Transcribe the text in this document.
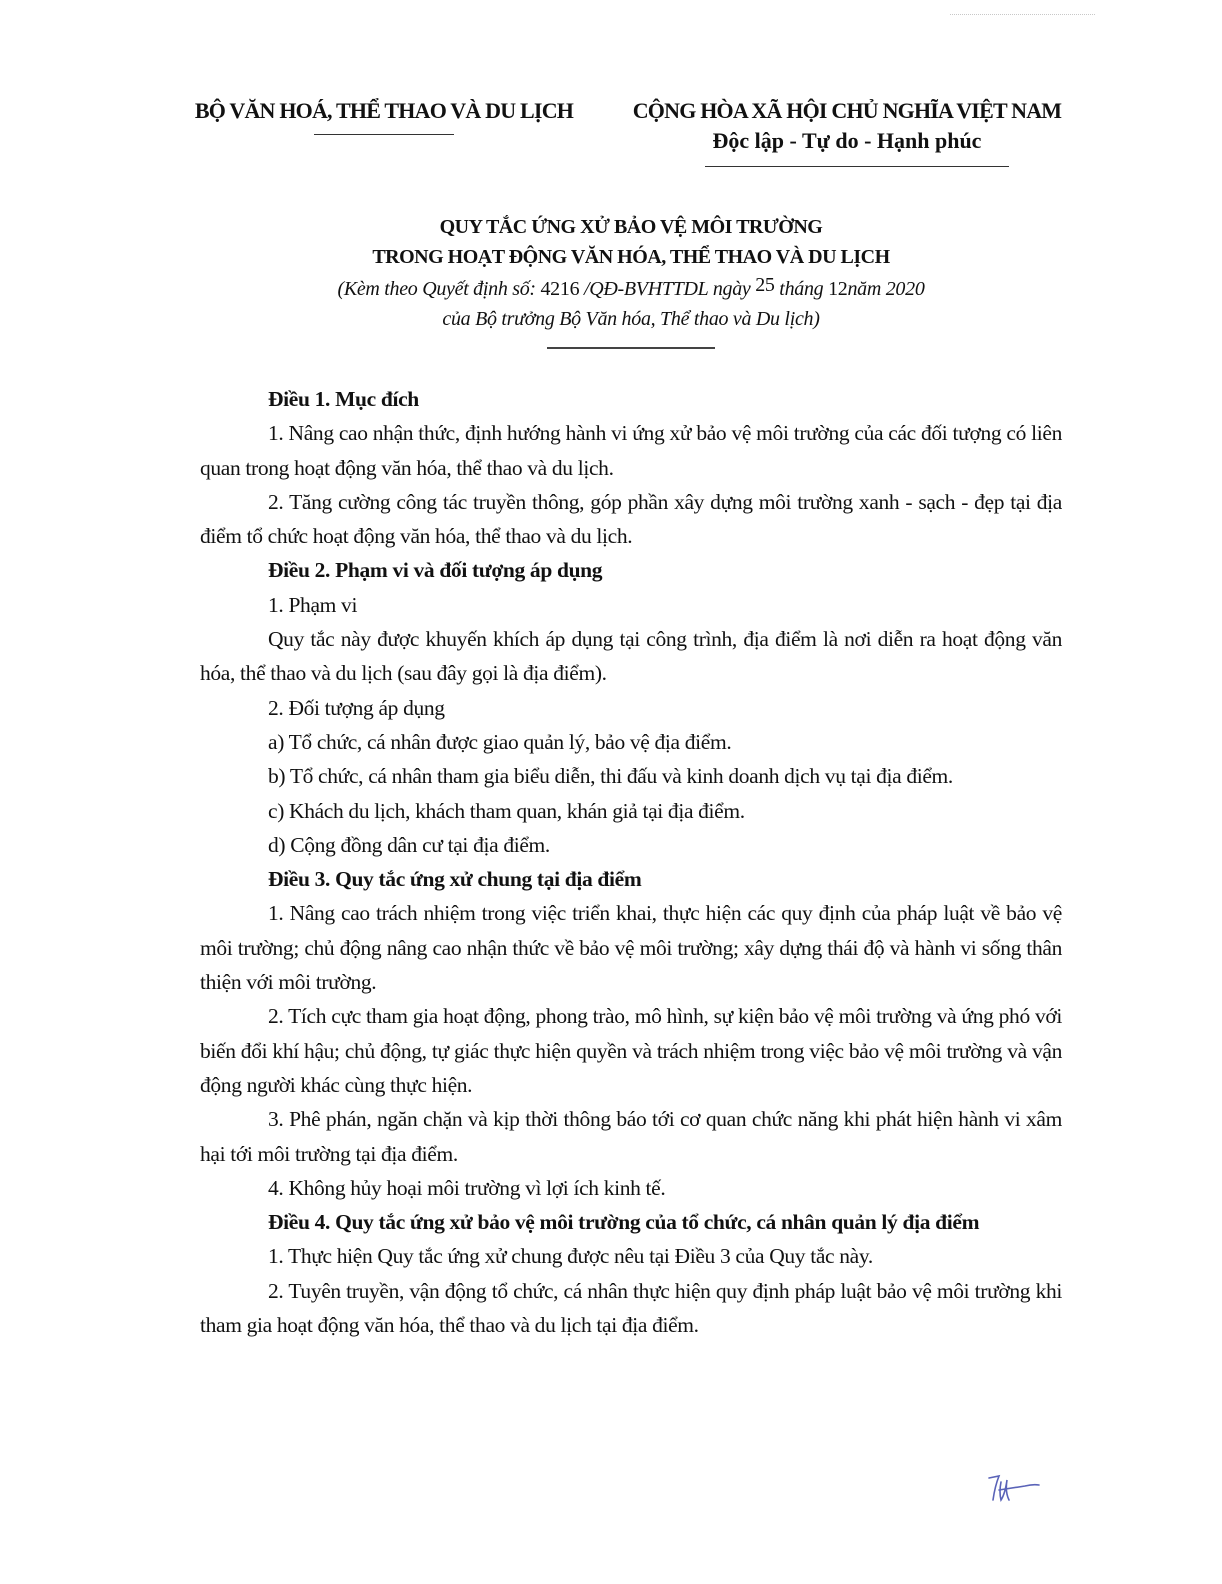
BỘ VĂN HOÁ, THỂ THAO VÀ DU LỊCH	CỘNG HÒA XÃ HỘI CHỦ NGHĨA VIỆT NAM
Độc lập - Tự do - Hạnh phúc
QUY TẮC ỨNG XỬ BẢO VỆ MÔI TRƯỜNG
TRONG HOẠT ĐỘNG VĂN HÓA, THỂ THAO VÀ DU LỊCH
(Kèm theo Quyết định số: 4216 /QĐ-BVHTTDL ngày 25 tháng 12năm 2020
của Bộ trưởng Bộ Văn hóa, Thể thao và Du lịch)

Điều 1. Mục đích

1. Nâng cao nhận thức, định hướng hành vi ứng xử bảo vệ môi trường của các đối tượng có liên quan trong hoạt động văn hóa, thể thao và du lịch.

2. Tăng cường công tác truyền thông, góp phần xây dựng môi trường xanh - sạch - đẹp tại địa điểm tổ chức hoạt động văn hóa, thể thao và du lịch.

Điều 2. Phạm vi và đối tượng áp dụng

1. Phạm vi

Quy tắc này được khuyến khích áp dụng tại công trình, địa điểm là nơi diễn ra hoạt động văn hóa, thể thao và du lịch (sau đây gọi là địa điểm).

2. Đối tượng áp dụng

a) Tổ chức, cá nhân được giao quản lý, bảo vệ địa điểm.

b) Tổ chức, cá nhân tham gia biểu diễn, thi đấu và kinh doanh dịch vụ tại địa điểm.

c) Khách du lịch, khách tham quan, khán giả tại địa điểm.

d) Cộng đồng dân cư tại địa điểm.

Điều 3. Quy tắc ứng xử chung tại địa điểm

1. Nâng cao trách nhiệm trong việc triển khai, thực hiện các quy định của pháp luật về bảo vệ môi trường; chủ động nâng cao nhận thức về bảo vệ môi trường; xây dựng thái độ và hành vi sống thân thiện với môi trường.

2. Tích cực tham gia hoạt động, phong trào, mô hình, sự kiện bảo vệ môi trường và ứng phó với biến đổi khí hậu; chủ động, tự giác thực hiện quyền và trách nhiệm trong việc bảo vệ môi trường và vận động người khác cùng thực hiện.

3. Phê phán, ngăn chặn và kịp thời thông báo tới cơ quan chức năng khi phát hiện hành vi xâm hại tới môi trường tại địa điểm.

4. Không hủy hoại môi trường vì lợi ích kinh tế.

Điều 4. Quy tắc ứng xử bảo vệ môi trường của tổ chức, cá nhân quản lý địa điểm

1. Thực hiện Quy tắc ứng xử chung được nêu tại Điều 3 của Quy tắc này.

2. Tuyên truyền, vận động tổ chức, cá nhân thực hiện quy định pháp luật bảo vệ môi trường khi tham gia hoạt động văn hóa, thể thao và du lịch tại địa điểm.
